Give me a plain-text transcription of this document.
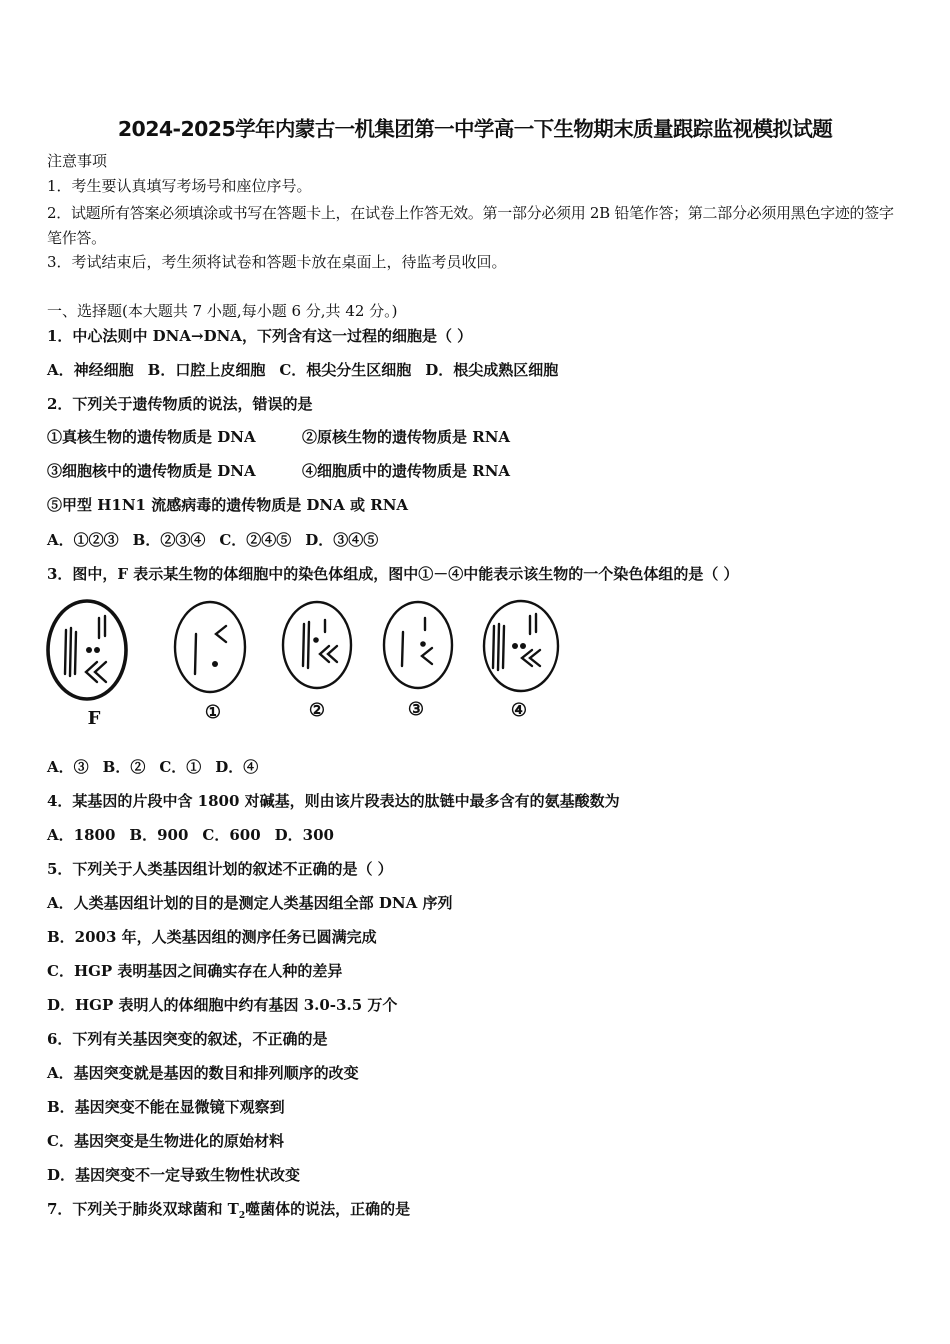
2024-2025学年内蒙古一机集团第一中学高一下生物期末质量跟踪监视模拟试题
注意事项
1．考生要认真填写考场号和座位序号。
2．试题所有答案必须填涂或书写在答题卡上，在试卷上作答无效。第一部分必须用 2B 铅笔作答；第二部分必须用黑色字迹的签字笔作答。
3．考试结束后，考生须将试卷和答题卡放在桌面上，待监考员收回。
一、选择题(本大题共 7 小题,每小题 6 分,共 42 分。)
1．中心法则中 DNA→DNA，下列含有这一过程的细胞是（ ）
A．神经细胞 B．口腔上皮细胞 C．根尖分生区细胞 D．根尖成熟区细胞
2．下列关于遗传物质的说法，错误的是
①真核生物的遗传物质是 DNA	②原核生物的遗传物质是 RNA
③细胞核中的遗传物质是 DNA	④细胞质中的遗传物质是 RNA
⑤甲型 H1N1 流感病毒的遗传物质是 DNA 或 RNA
A．①②③ B．②③④ C．②④⑤ D．③④⑤
3．图中，F 表示某生物的体细胞中的染色体组成，图中①－④中能表示该生物的一个染色体组的是（ ）
F	①	②	③	④
A．③ B．② C．① D．④
4．某基因的片段中含 1800 对碱基，则由该片段表达的肽链中最多含有的氨基酸数为
A．1800 B．900 C．600 D．300
5．下列关于人类基因组计划的叙述不正确的是（ ）
A．人类基因组计划的目的是测定人类基因组全部 DNA 序列
B．2003 年，人类基因组的测序任务已圆满完成
C．HGP 表明基因之间确实存在人种的差异
D．HGP 表明人的体细胞中约有基因 3.0-3.5 万个
6．下列有关基因突变的叙述，不正确的是
A．基因突变就是基因的数目和排列顺序的改变
B．基因突变不能在显微镜下观察到
C．基因突变是生物进化的原始材料
D．基因突变不一定导致生物性状改变
7．下列关于肺炎双球菌和 $T_2$噬菌体的说法，正确的是
